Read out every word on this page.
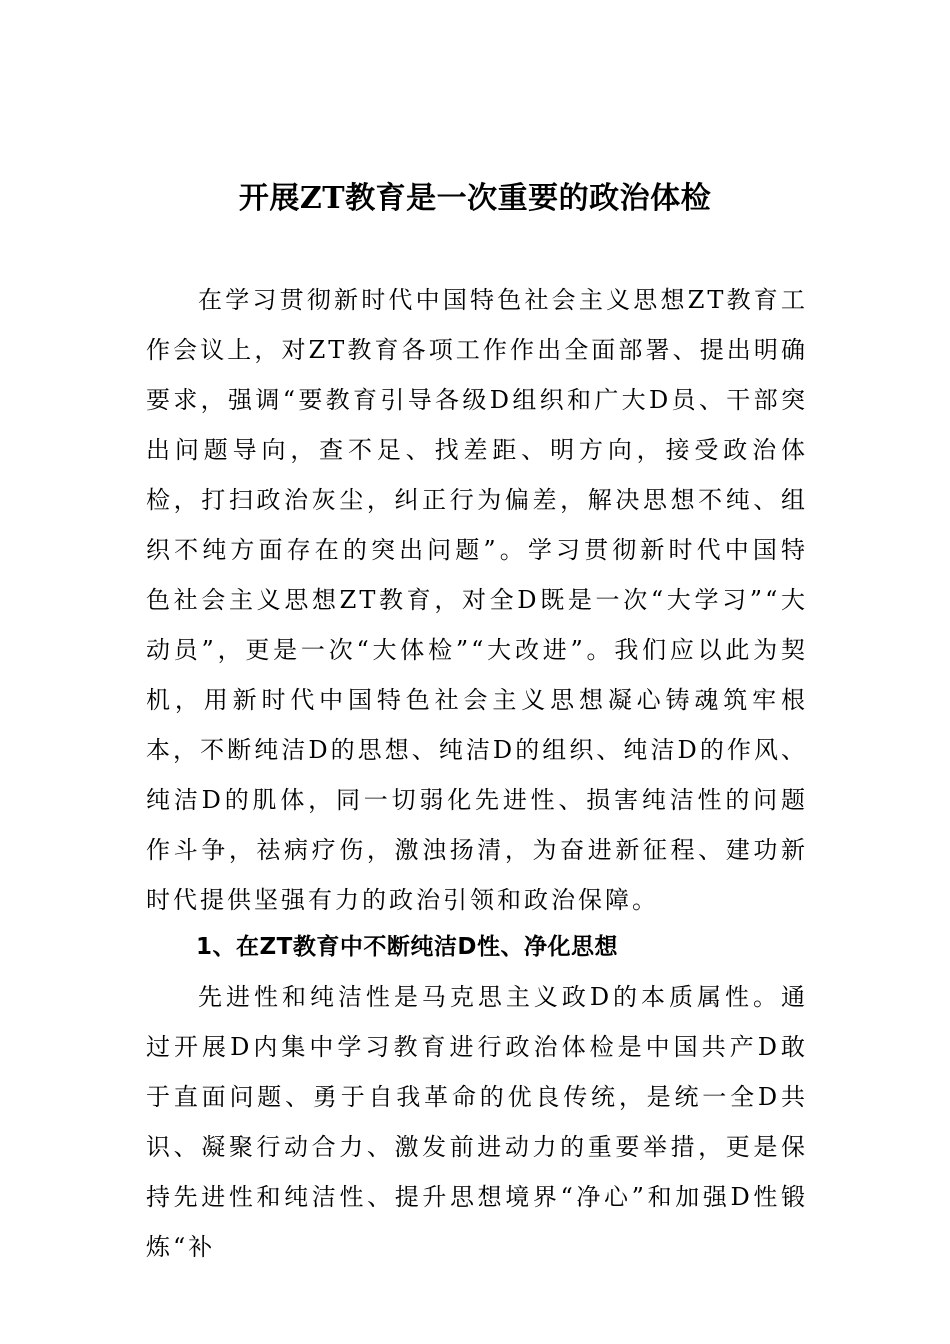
开展ZT教育是一次重要的政治体检

在学习贯彻新时代中国特色社会主义思想ZT教育工作会议上，对ZT教育各项工作作出全面部署、提出明确要求，强调“要教育引导各级D组织和广大D员、干部突出问题导向，查不足、找差距、明方向，接受政治体检，打扫政治灰尘，纠正行为偏差，解决思想不纯、组织不纯方面存在的突出问题”。学习贯彻新时代中国特色社会主义思想ZT教育，对全D既是一次“大学习”“大动员”，更是一次“大体检”“大改进”。我们应以此为契机，用新时代中国特色社会主义思想凝心铸魂筑牢根本，不断纯洁D的思想、纯洁D的组织、纯洁D的作风、纯洁D的肌体，同一切弱化先进性、损害纯洁性的问题作斗争，祛病疗伤，激浊扬清，为奋进新征程、建功新时代提供坚强有力的政治引领和政治保障。

1、在ZT教育中不断纯洁D性、净化思想

先进性和纯洁性是马克思主义政D的本质属性。通过开展D内集中学习教育进行政治体检是中国共产D敢于直面问题、勇于自我革命的优良传统，是统一全D共识、凝聚行动合力、激发前进动力的重要举措，更是保持先进性和纯洁性、提升思想境界“净心”和加强D性锻炼“补
